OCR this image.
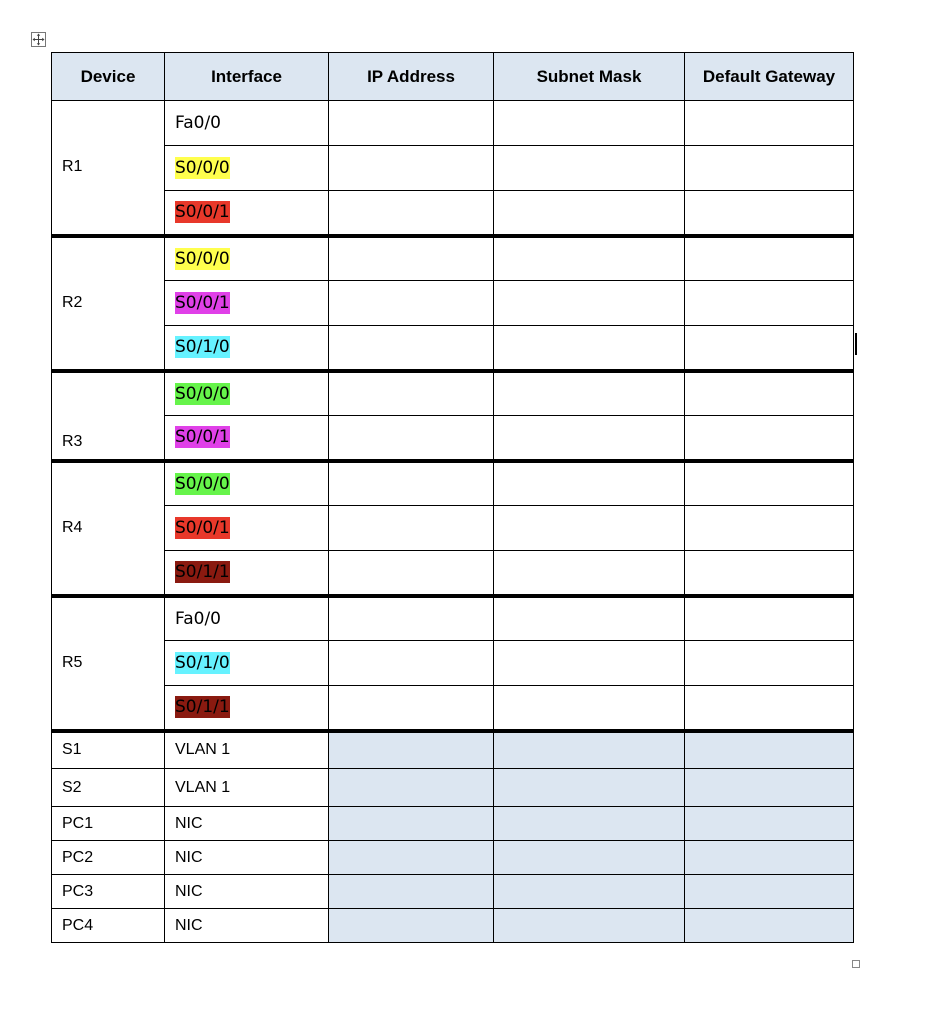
Device	Interface	IP Address	Subnet Mask	Default Gateway
R1	Fa0/0			
	S0/0/0			
	S0/0/1			
R2	S0/0/0			
	S0/0/1			
	S0/1/0			
R3	S0/0/0			
	S0/0/1			
R4	S0/0/0			
	S0/0/1			
	S0/1/1			
R5	Fa0/0			
	S0/1/0			
	S0/1/1			
S1	VLAN 1			
S2	VLAN 1			
PC1	NIC			
PC2	NIC			
PC3	NIC			
PC4	NIC			
